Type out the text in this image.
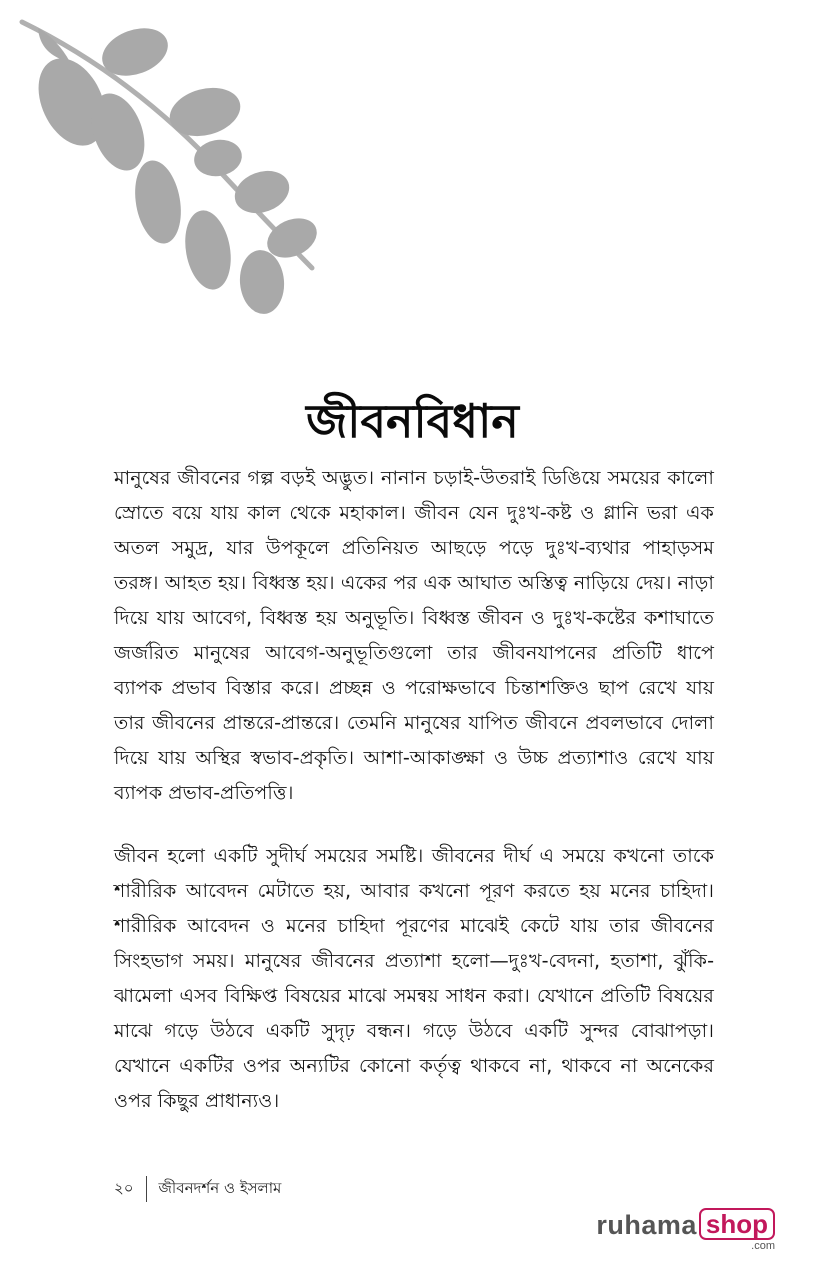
জীবনবিধান

মানুষের জীবনের গল্প বড়ই অদ্ভুত। নানান চড়াই-উতরাই ডিঙিয়ে সময়ের কালো স্রোতে বয়ে যায় কাল থেকে মহাকাল। জীবন যেন দুঃখ-কষ্ট ও গ্লানি ভরা এক অতল সমুদ্র, যার উপকূলে প্রতিনিয়ত আছড়ে পড়ে দুঃখ-ব্যথার পাহাড়সম তরঙ্গ। আহত হয়। বিধ্বস্ত হয়। একের পর এক আঘাত অস্তিত্ব নাড়িয়ে দেয়। নাড়া দিয়ে যায় আবেগ, বিধ্বস্ত হয় অনুভূতি। বিধ্বস্ত জীবন ও দুঃখ-কষ্টের কশাঘাতে জর্জরিত মানুষের আবেগ-অনুভূতিগুলো তার জীবনযাপনের প্রতিটি ধাপে ব্যাপক প্রভাব বিস্তার করে। প্রচ্ছন্ন ও পরোক্ষভাবে চিন্তাশক্তিও ছাপ রেখে যায় তার জীবনের প্রান্তরে-প্রান্তরে। তেমনি মানুষের যাপিত জীবনে প্রবলভাবে দোলা দিয়ে যায় অস্থির স্বভাব-প্রকৃতি। আশা-আকাঙ্ক্ষা ও উচ্চ প্রত্যাশাও রেখে যায় ব্যাপক প্রভাব-প্রতিপত্তি।

জীবন হলো একটি সুদীর্ঘ সময়ের সমষ্টি। জীবনের দীর্ঘ এ সময়ে কখনো তাকে শারীরিক আবেদন মেটাতে হয়, আবার কখনো পূরণ করতে হয় মনের চাহিদা। শারীরিক আবেদন ও মনের চাহিদা পূরণের মাঝেই কেটে যায় তার জীবনের সিংহভাগ সময়। মানুষের জীবনের প্রত্যাশা হলো—দুঃখ-বেদনা, হতাশা, ঝুঁকি-ঝামেলা এসব বিক্ষিপ্ত বিষয়ের মাঝে সমন্বয় সাধন করা। যেখানে প্রতিটি বিষয়ের মাঝে গড়ে উঠবে একটি সুদৃঢ় বন্ধন। গড়ে উঠবে একটি সুন্দর বোঝাপড়া। যেখানে একটির ওপর অন্যটির কোনো কর্তৃত্ব থাকবে না, থাকবে না অনেকের ওপর কিছুর প্রাধান্যও।

২০	জীবনদর্শন ও ইসলাম
ruhama shop
.com
